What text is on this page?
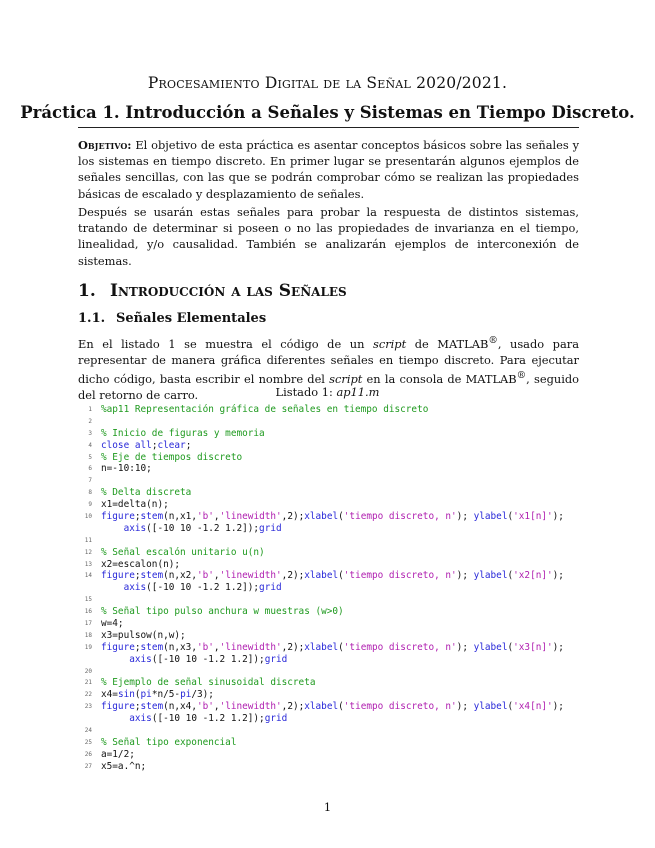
Procesamiento Digital de la Señal 2020/2021.
Práctica 1. Introducción a Señales y Sistemas en Tiempo Discreto.
Objetivo: El objetivo de esta práctica es asentar conceptos básicos sobre las señales y los sistemas en tiempo discreto. En primer lugar se presentarán algunos ejemplos de señales sencillas, con las que se podrán comprobar cómo se realizan las propiedades básicas de escalado y desplazamiento de señales.
Después se usarán estas señales para probar la respuesta de distintos sistemas, tratando de determinar si poseen o no las propiedades de invarianza en el tiempo, linealidad, y/o causalidad. También se analizarán ejemplos de interconexión de sistemas.
1. Introducción a las Señales
1.1. Señales Elementales
En el listado 1 se muestra el código de un script de MATLAB®, usado para representar de manera gráfica diferentes señales en tiempo discreto. Para ejecutar dicho código, basta escribir el nombre del script en la consola de MATLAB®, seguido del retorno de carro.	Listado 1: ap11.m
1 %ap11 Representación gráfica de señales en tiempo discreto
2
3 % Inicio de figuras y memoria
4 close all;clear;
5 % Eje de tiempos discreto
6 n=-10:10;
7
8 % Delta discreta
9 x1=delta(n);
10 figure;stem(n,x1,'b','linewidth',2);xlabel('tiempo discreto, n'); ylabel('x1[n]');
axis([-10 10 -1.2 1.2]);grid
11
12 % Señal escalón unitario u(n)
13 x2=escalon(n);
14 figure;stem(n,x2,'b','linewidth',2);xlabel('tiempo discreto, n'); ylabel('x2[n]');
axis([-10 10 -1.2 1.2]);grid
15
16 % Señal tipo pulso anchura w muestras (w>0)
17 w=4;
18 x3=pulsow(n,w);
19 figure;stem(n,x3,'b','linewidth',2);xlabel('tiempo discreto, n'); ylabel('x3[n]');
axis([-10 10 -1.2 1.2]);grid
20
21 % Ejemplo de señal sinusoidal discreta
22 x4=sin(pi*n/5-pi/3);
23 figure;stem(n,x4,'b','linewidth',2);xlabel('tiempo discreto, n'); ylabel('x4[n]');
axis([-10 10 -1.2 1.2]);grid
24
25 % Señal tipo exponencial
26 a=1/2;
27 x5=a.^n;
1
